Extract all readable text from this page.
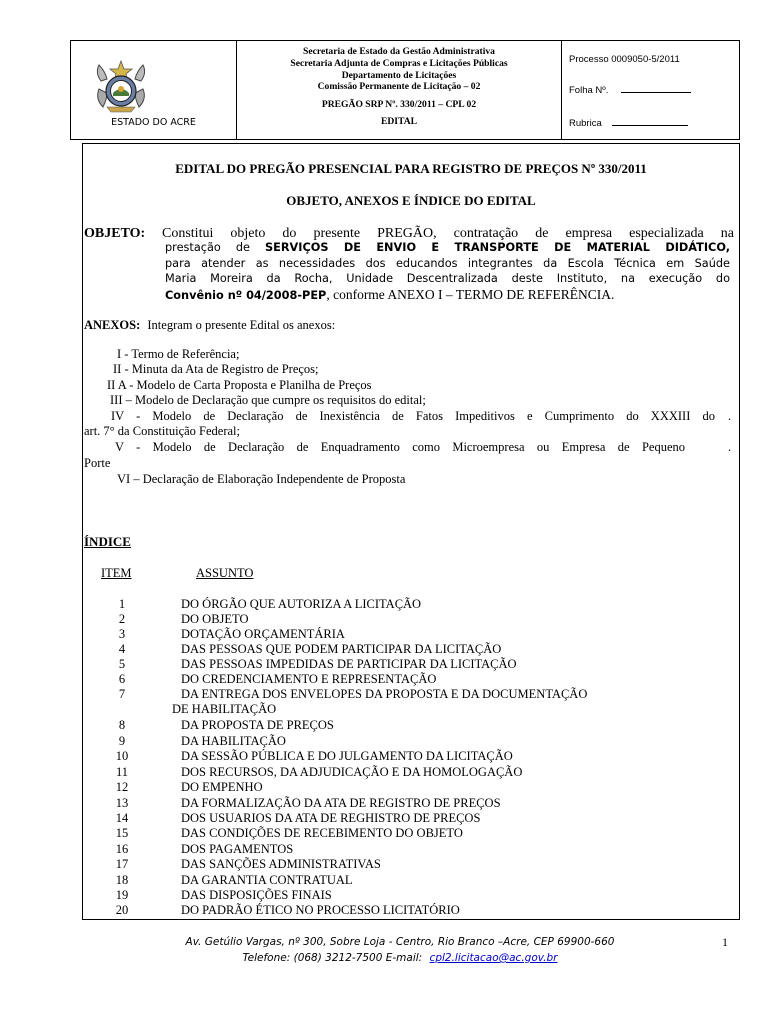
ESTADO DO ACRE
Secretaria de Estado da Gestão Administrativa
Secretaria Adjunta de Compras e Licitações Públicas
Departamento de Licitações
Comissão Permanente de Licitação – 02
PREGÃO SRP Nº. 330/2011 – CPL 02
EDITAL
Processo 0009050-5/2011
Folha Nº.
Rubrica
EDITAL DO PREGÃO PRESENCIAL PARA REGISTRO DE PREÇOS Nº 330/2011
OBJETO, ANEXOS E ÍNDICE DO EDITAL
OBJETO: Constitui objeto do presente PREGÃO, contratação de empresa especializada na
prestação de SERVIÇOS DE ENVIO E TRANSPORTE DE MATERIAL DIDÁTICO,
para atender as necessidades dos educandos integrantes da Escola Técnica em Saúde
Maria Moreira da Rocha, Unidade Descentralizada deste Instituto, na execução do
Convênio nº 04/2008-PEP, conforme ANEXO I – TERMO DE REFERÊNCIA.
ANEXOS: Integram o presente Edital os anexos:
I - Termo de Referência;
II - Minuta da Ata de Registro de Preços;
II A - Modelo de Carta Proposta e Planilha de Preços
III – Modelo de Declaração que cumpre os requisitos do edital;
IV - Modelo de Declaração de Inexistência de Fatos Impeditivos e Cumprimento do XXXIII do .
art. 7° da Constituição Federal;
V - Modelo de Declaração de Enquadramento como Microempresa ou Empresa de Pequeno	.
Porte
VI – Declaração de Elaboração Independente de Proposta
ÍNDICE
ITEM	ASSUNTO
1	DO ÓRGÃO QUE AUTORIZA A LICITAÇÃO
2	DO OBJETO
3	DOTAÇÃO ORÇAMENTÁRIA
4	DAS PESSOAS QUE PODEM PARTICIPAR DA LICITAÇÃO
5	DAS PESSOAS IMPEDIDAS DE PARTICIPAR DA LICITAÇÃO
6	DO CREDENCIAMENTO E REPRESENTAÇÃO
7	DA ENTREGA DOS ENVELOPES DA PROPOSTA E DA DOCUMENTAÇÃO
DE HABILITAÇÃO
8	DA PROPOSTA DE PREÇOS
9	DA HABILITAÇÃO
10	DA SESSÃO PÚBLICA E DO JULGAMENTO DA LICITAÇÃO
11	DOS RECURSOS, DA ADJUDICAÇÃO E DA HOMOLOGAÇÃO
12	DO EMPENHO
13	DA FORMALIZAÇÃO DA ATA DE REGISTRO DE PREÇOS
14	DOS USUARIOS DA ATA DE REGHISTRO DE PREÇOS
15	DAS CONDIÇÕES DE RECEBIMENTO DO OBJETO
16	DOS PAGAMENTOS
17	DAS SANÇÕES ADMINISTRATIVAS
18	DA GARANTIA CONTRATUAL
19	DAS DISPOSIÇÕES FINAIS
20	DO PADRÃO ÉTICO NO PROCESSO LICITATÓRIO
Av. Getúlio Vargas, nº 300, Sobre Loja - Centro, Rio Branco –Acre, CEP 69900-660
Telefone: (068) 3212-7500 E-mail: cpl2.licitacao@ac.gov.br
1
